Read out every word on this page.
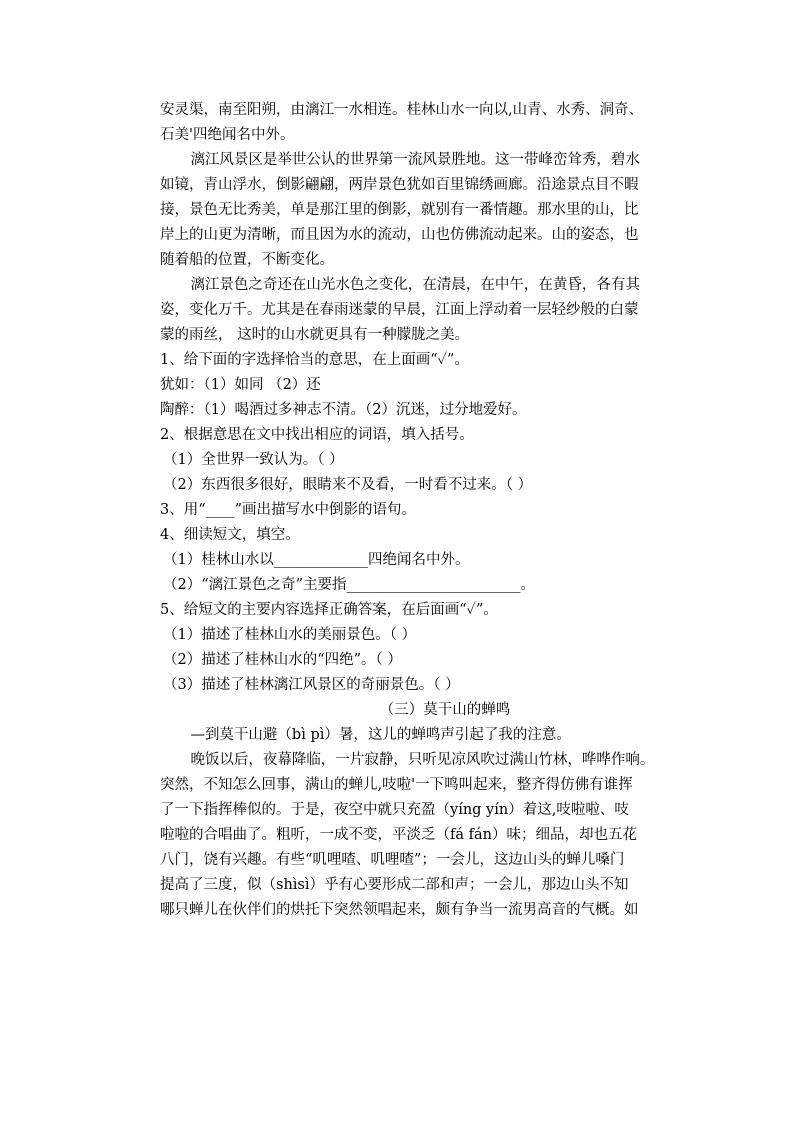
安灵渠，南至阳朔，由漓江一水相连。桂林山水一向以,山青、水秀、洞奇、
石美'四绝闻名中外。
漓江风景区是举世公认的世界第一流风景胜地。这一带峰峦耸秀，碧水
如镜，青山浮水，倒影翩翩，两岸景色犹如百里锦绣画廊。沿途景点目不暇
接，景色无比秀美，单是那江里的倒影，就别有一番情趣。那水里的山，比
岸上的山更为清晰，而且因为水的流动，山也仿佛流动起来。山的姿态，也
随着船的位置，不断变化。
漓江景色之奇还在山光水色之变化，在清晨，在中午，在黄昏，各有其
姿，变化万千。尤其是在春雨迷蒙的早晨，江面上浮动着一层轻纱般的白蒙
蒙的雨丝， 这时的山水就更具有一种朦胧之美。
1、给下面的字选择恰当的意思，在上面画“✓”。
犹如：（1）如同 （2）还
陶醉：（1）喝酒过多神志不清。（2）沉迷，过分地爱好。
2、根据意思在文中找出相应的词语，填入括号。
（1）全世界一致认为。（ ）
（2）东西很多很好，眼睛来不及看，一时看不过来。（ ）
3、用“____”画出描写水中倒影的语句。
4、细读短文，填空。
（1）桂林山水以_____________四绝闻名中外。
（2）“漓江景色之奇”主要指________________________。
5、给短文的主要内容选择正确答案，在后面画“✓”。
（1）描述了桂林山水的美丽景色。（ ）
（2）描述了桂林山水的“四绝”。（ ）
（3）描述了桂林漓江风景区的奇丽景色。（ ）
（三）莫干山的蝉鸣
—到莫干山避（bì pì）暑，这儿的蝉鸣声引起了我的注意。
晚饭以后，夜幕降临，一片寂静，只听见凉风吹过满山竹林，哗哗作响。
突然，不知怎么回事，满山的蝉儿,吱啦'一下鸣叫起来，整齐得仿佛有谁挥
了一下指挥棒似的。于是，夜空中就只充盈（yíng yín）着这,吱啦啦、吱
啦啦的合唱曲了。粗听，一成不变，平淡乏（fá fán）味；细品，却也五花
八门，饶有兴趣。有些“叽哩喳、叽哩喳”；一会儿，这边山头的蝉儿嗓门
提高了三度，似（shìsì）乎有心要形成二部和声；一会儿，那边山头不知
哪只蝉儿在伙伴们的烘托下突然领唱起来，颇有争当一流男高音的气概。如
